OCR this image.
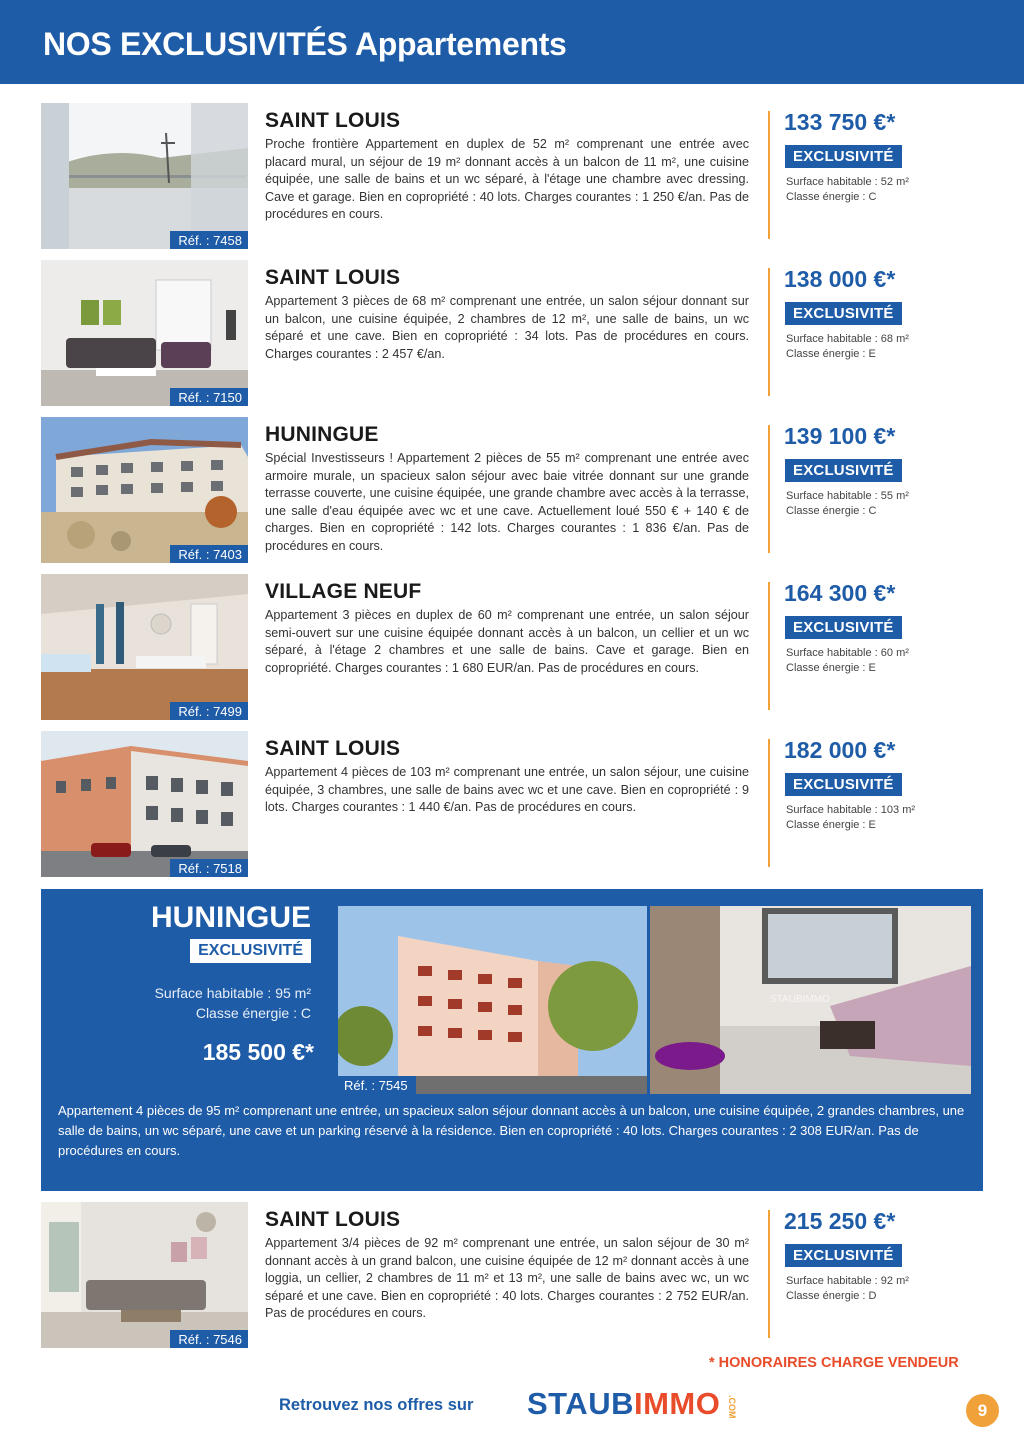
NOS EXCLUSIVITÉS Appartements
Réf. : 7458
SAINT LOUIS
Proche frontière Appartement en duplex de 52 m² comprenant une entrée avec placard mural, un séjour de 19 m² donnant accès à un balcon de 11 m², une cuisine équipée, une salle de bains et un wc séparé, à l'étage une chambre avec dressing. Cave et garage. Bien en copropriété : 40 lots. Charges courantes : 1 250 €/an. Pas de procédures en cours.
133 750 €*
EXCLUSIVITÉ
Surface habitable : 52 m²
Classe énergie : C
Réf. : 7150
SAINT LOUIS
Appartement 3 pièces de 68 m² comprenant une entrée, un salon séjour donnant sur un balcon, une cuisine équipée, 2 chambres de 12 m², une salle de bains, un wc séparé et une cave. Bien en copropriété : 34 lots. Pas de procédures en cours. Charges courantes : 2 457 €/an.
138 000 €*
EXCLUSIVITÉ
Surface habitable : 68 m²
Classe énergie : E
Réf. : 7403
HUNINGUE
Spécial Investisseurs ! Appartement 2 pièces de 55 m² comprenant une entrée avec armoire murale, un spacieux salon séjour avec baie vitrée donnant sur une grande terrasse couverte, une cuisine équipée, une grande chambre avec accès à la terrasse, une salle d'eau équipée avec wc et une cave. Actuellement loué 550 € + 140 € de charges. Bien en copropriété : 142 lots. Charges courantes : 1 836 €/an. Pas de procédures en cours.
139 100 €*
EXCLUSIVITÉ
Surface habitable : 55 m²
Classe énergie : C
Réf. : 7499
VILLAGE NEUF
Appartement 3 pièces en duplex de 60 m² comprenant une entrée, un salon séjour semi-ouvert sur une cuisine équipée donnant accès à un balcon, un cellier et un wc séparé, à l'étage 2 chambres et une salle de bains. Cave et garage. Bien en copropriété. Charges courantes : 1 680 EUR/an. Pas de procédures en cours.
164 300 €*
EXCLUSIVITÉ
Surface habitable : 60 m²
Classe énergie : E
Réf. : 7518
SAINT LOUIS
Appartement 4 pièces de 103 m² comprenant une entrée, un salon séjour, une cuisine équipée, 3 chambres, une salle de bains avec wc et une cave. Bien en copropriété : 9 lots. Charges courantes : 1 440 €/an. Pas de procédures en cours.
182 000 €*
EXCLUSIVITÉ
Surface habitable : 103 m²
Classe énergie : E
HUNINGUE
EXCLUSIVITÉ
Surface habitable : 95 m²
Classe énergie : C
185 500 €*
Réf. : 7545
STAUBIMMO
Appartement 4 pièces de 95 m² comprenant une entrée, un spacieux salon séjour donnant accès à un balcon, une cuisine équipée, 2 grandes chambres, une salle de bains, un wc séparé, une cave et un parking réservé à la résidence. Bien en copropriété : 40 lots. Charges courantes : 2 308 EUR/an. Pas de procédures en cours.
Réf. : 7546
SAINT LOUIS
Appartement 3/4 pièces de 92 m² comprenant une entrée, un salon séjour de 30 m² donnant accès à un grand balcon, une cuisine équipée de 12 m² donnant accès à une loggia, un cellier, 2 chambres de 11 m² et 13 m², une salle de bains avec wc, un wc séparé et une cave. Bien en copropriété : 40 lots. Charges courantes : 2 752 EUR/an. Pas de procédures en cours.
215 250 €*
EXCLUSIVITÉ
Surface habitable : 92 m²
Classe énergie : D
* HONORAIRES CHARGE VENDEUR
Retrouvez nos offres sur STAUBIMMO .COM	9
